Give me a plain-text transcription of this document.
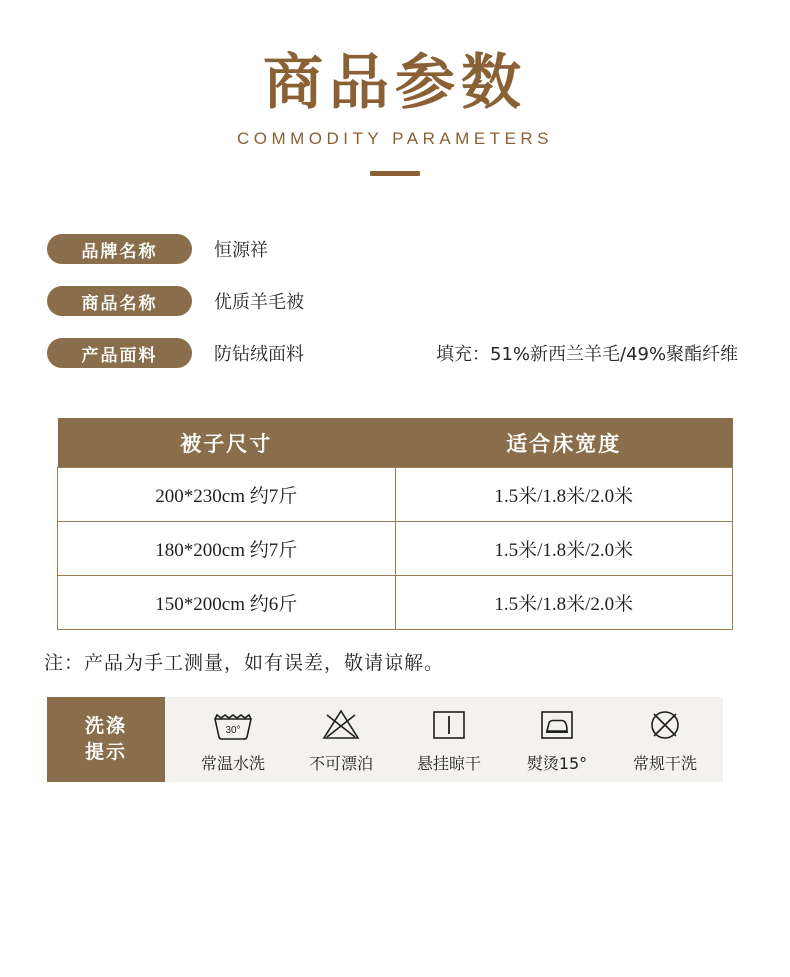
商品参数
COMMODITY PARAMETERS
品牌名称	恒源祥
商品名称	优质羊毛被
产品面料	防钻绒面料	填充：51%新西兰羊毛/49%聚酯纤维
被子尺寸	适合床宽度
200*230cm 约7斤	1.5米/1.8米/2.0米
180*200cm 约7斤	1.5米/1.8米/2.0米
150*200cm 约6斤	1.5米/1.8米/2.0米
注：产品为手工测量，如有误差，敬请谅解。
洗涤
提示
30°
常温水洗	不可漂泊	悬挂晾干	熨烫15°	常规干洗
